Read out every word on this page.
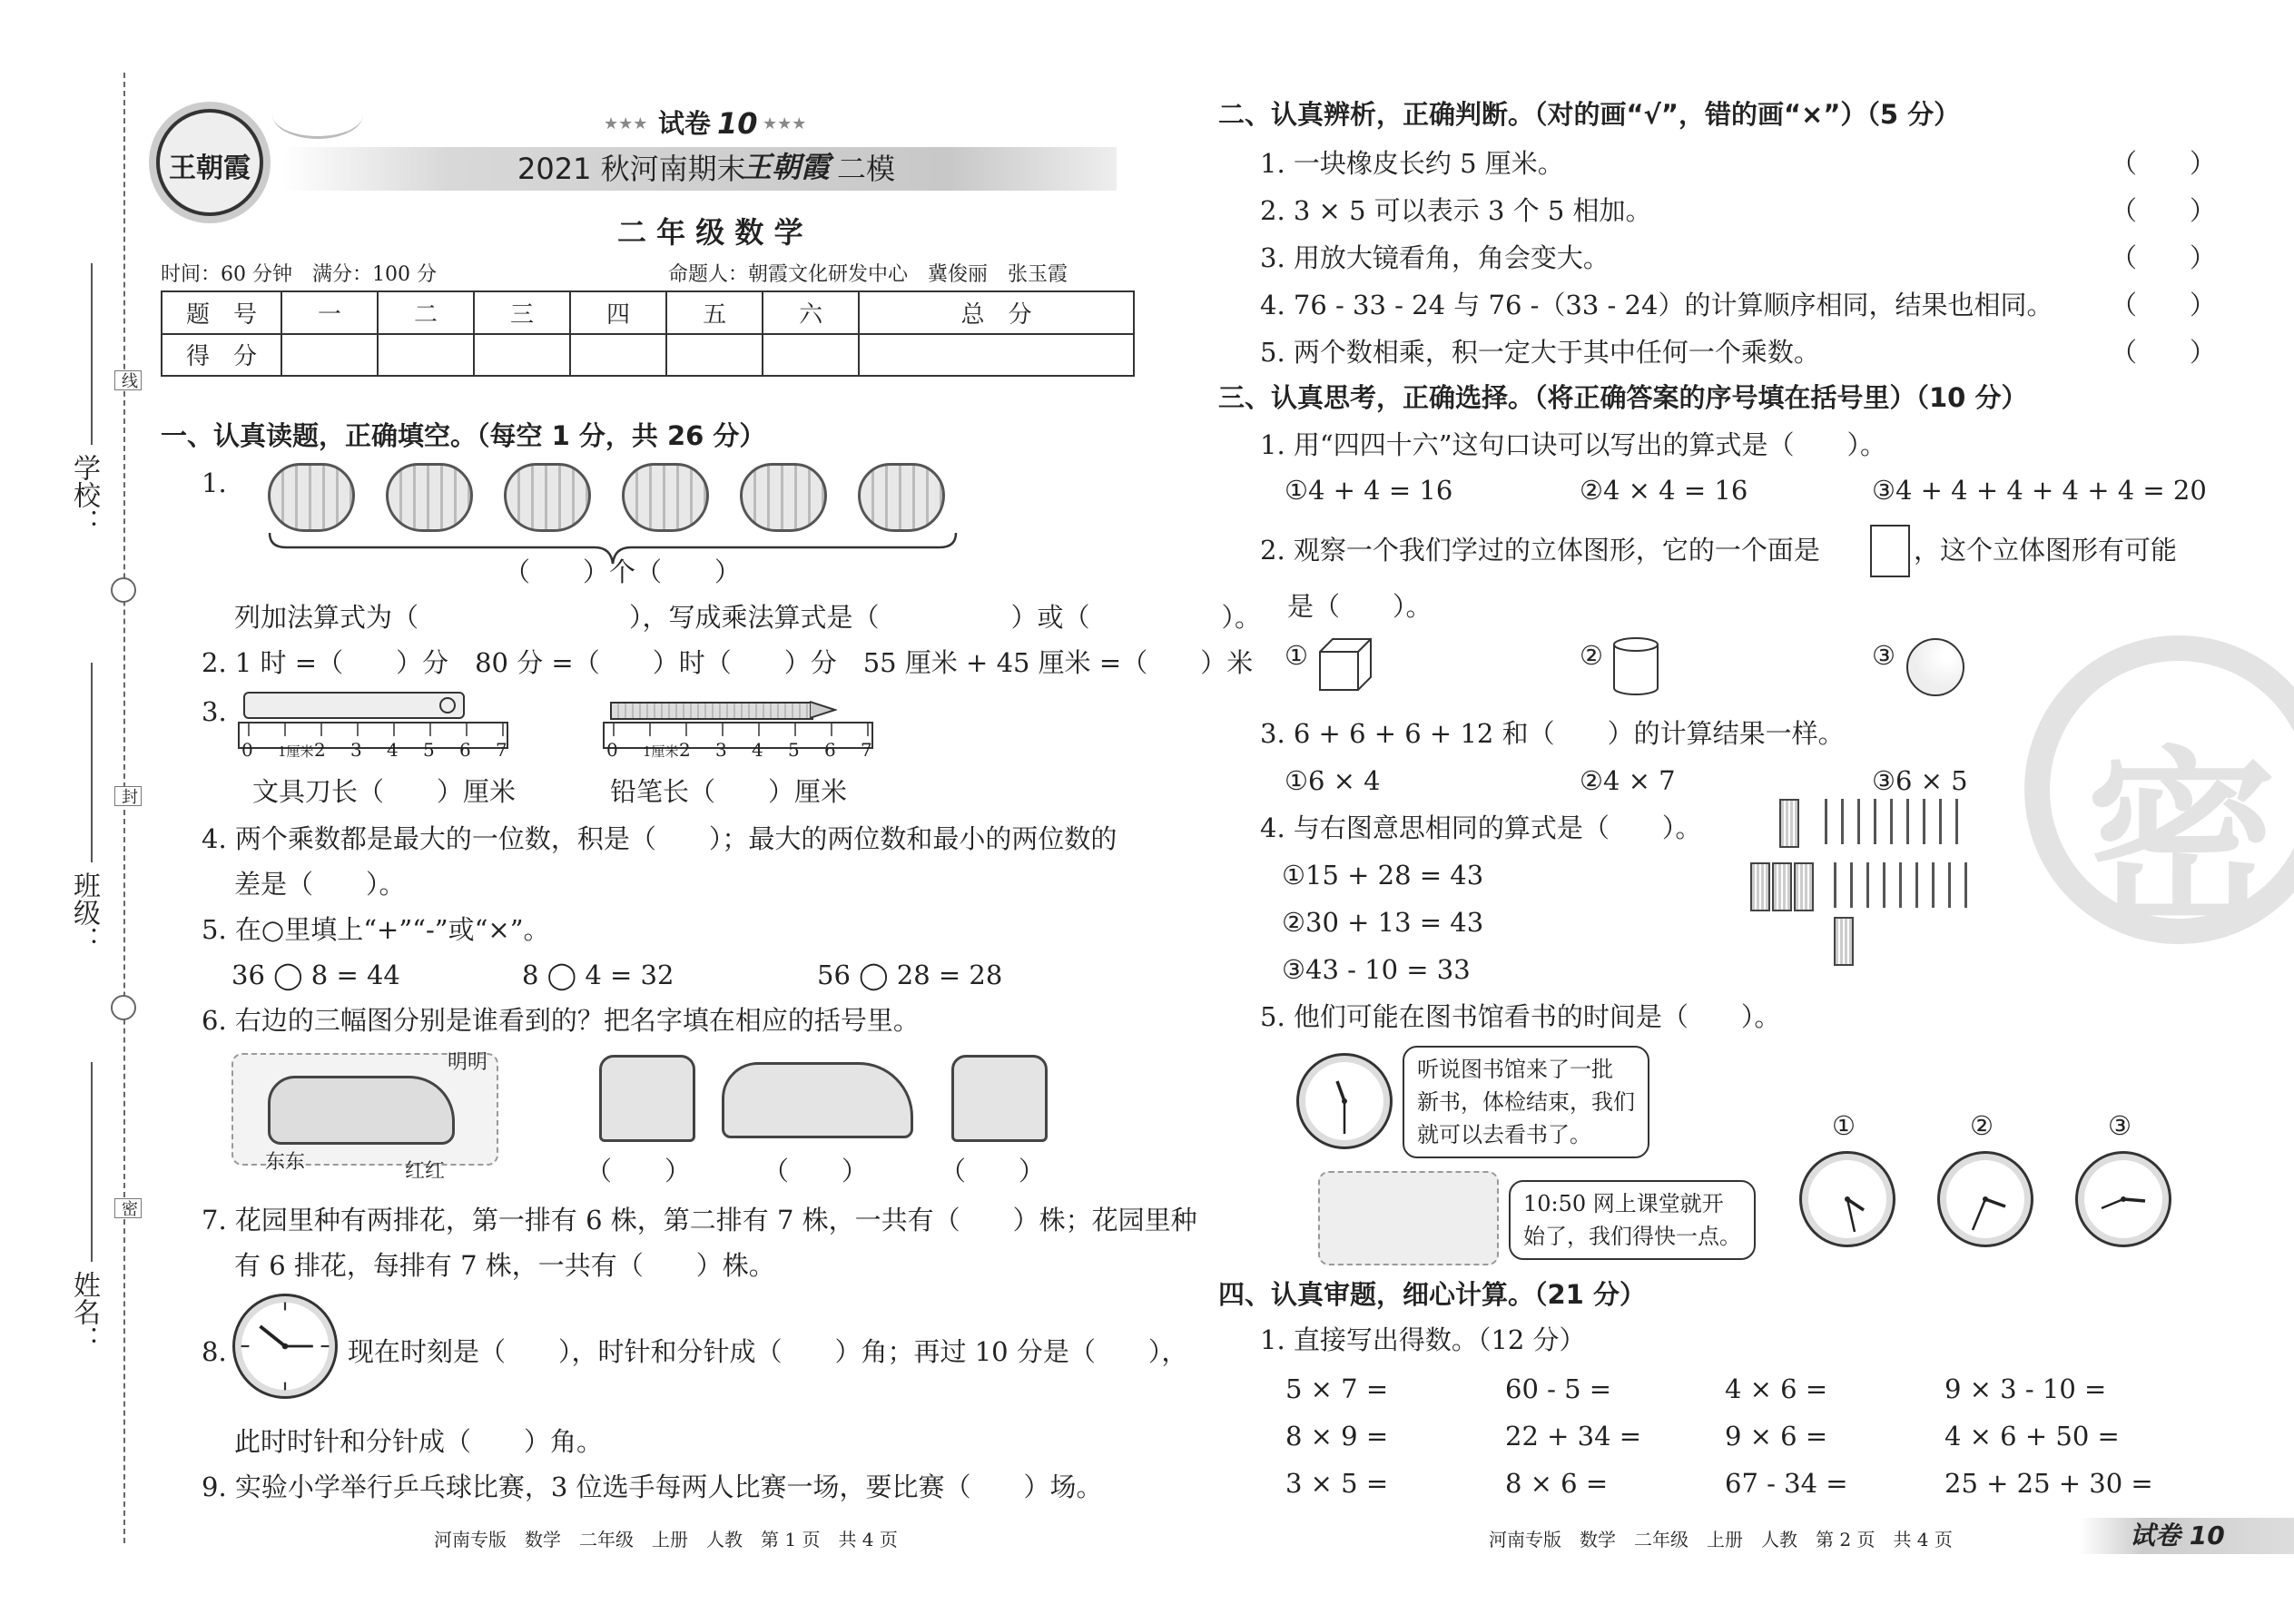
学校：
班级：
姓名：
线
封
密
王朝霞
★★★ 试卷 10 ★★★
2021 秋河南期末
王朝霞 二模
二 年 级 数 学
时间：60 分钟　满分：100 分	命题人：朝霞文化研发中心　冀俊丽　张玉霞
题　号	一	二	三	四	五	六	总　分
得　分							
一、认真读题，正确填空。（每空 1 分，共 26 分）
1.
（　　）个（　　）
列加法算式为（　　　　　　　　），写成乘法算式是（　　　　　）或（　　　　　）。
2. 1 时 =（　　）分　80 分 =（　　）时（　　）分　55 厘米 + 45 厘米 =（　　）米
3.
0 1厘米 2 3 4 5 6 7	0 1厘米 2 3 4 5 6 7
文具刀长（　　）厘米	铅笔长（　　）厘米
4. 两个乘数都是最大的一位数，积是（　　）；最大的两位数和最小的两位数的
差是（　　）。
5. 在○里填上“+”“-”或“×”。
36 ◯ 8 = 44	8 ◯ 4 = 32	56 ◯ 28 = 28
6. 右边的三幅图分别是谁看到的？把名字填在相应的括号里。
明明
东东	红红	（　　）	（　　）	（　　）
7. 花园里种有两排花，第一排有 6 株，第二排有 7 株，一共有（　　）株；花园里种
有 6 排花，每排有 7 株，一共有（　　）株。
8.	现在时刻是（　　），时针和分针成（　　）角；再过 10 分是（　　），
此时时针和分针成（　　）角。
9. 实验小学举行乒乓球比赛，3 位选手每两人比赛一场，要比赛（　　）场。
二、认真辨析，正确判断。（对的画“√”，错的画“×”）（5 分）
1. 一块橡皮长约 5 厘米。	（　　）
2. 3 × 5 可以表示 3 个 5 相加。	（　　）
3. 用放大镜看角，角会变大。	（　　）
4. 76 - 33 - 24 与 76 -（33 - 24）的计算顺序相同，结果也相同。 （　　）
5. 两个数相乘，积一定大于其中任何一个乘数。	（　　）
三、认真思考，正确选择。（将正确答案的序号填在括号里）（10 分）
1. 用“四四十六”这句口诀可以写出的算式是（　　）。
①4 + 4 = 16	②4 × 4 = 16	③4 + 4 + 4 + 4 + 4 = 20
2. 观察一个我们学过的立体图形，它的一个面是	，这个立体图形有可能
是（　　）。
①	②	③
3. 6 + 6 + 6 + 12 和（　　）的计算结果一样。
①6 × 4	②4 × 7	③6 × 5
4. 与右图意思相同的算式是（　　）。
①15 + 28 = 43
②30 + 13 = 43
③43 - 10 = 33
5. 他们可能在图书馆看书的时间是（　　）。
听说图书馆来了一批
新书，体检结束，我们
就可以去看书了。
10:50 网上课堂就开
始了，我们得快一点。
①	②	③
四、认真审题，细心计算。（21 分）
1. 直接写出得数。（12 分）
5 × 7 =	60 - 5 =	4 × 6 =	9 × 3 - 10 =
8 × 9 =	22 + 34 =	9 × 6 =	4 × 6 + 50 =
3 × 5 =	8 × 6 =	67 - 34 =	25 + 25 + 30 =
密
河南专版　数学　二年级　上册　人教　第 1 页　共 4 页	河南专版　数学　二年级　上册　人教　第 2 页　共 4 页	试卷 10
